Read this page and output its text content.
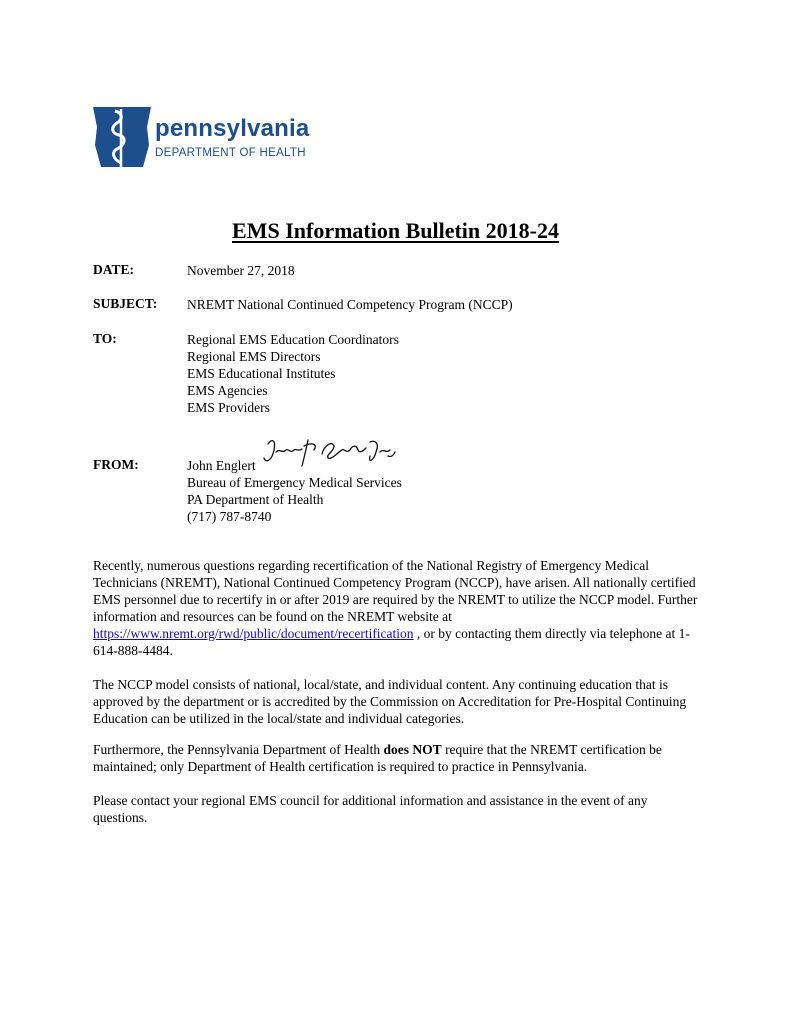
pennsylvania
DEPARTMENT OF HEALTH
EMS Information Bulletin 2018-24
DATE:	November 27, 2018
SUBJECT: NREMT National Continued Competency Program (NCCP)
TO:	Regional EMS Education Coordinators
Regional EMS Directors
EMS Educational Institutes
EMS Agencies
EMS Providers
FROM:	John Englert
Bureau of Emergency Medical Services
PA Department of Health
(717) 787-8740
Recently, numerous questions regarding recertification of the National Registry of Emergency Medical Technicians (NREMT), National Continued Competency Program (NCCP), have arisen. All nationally certified EMS personnel due to recertify in or after 2019 are required by the NREMT to utilize the NCCP model. Further information and resources can be found on the NREMT website at https://www.nremt.org/rwd/public/document/recertification , or by contacting them directly via telephone at 1-614-888-4484.
The NCCP model consists of national, local/state, and individual content. Any continuing education that is approved by the department or is accredited by the Commission on Accreditation for Pre-Hospital Continuing Education can be utilized in the local/state and individual categories.
Furthermore, the Pennsylvania Department of Health does NOT require that the NREMT certification be maintained; only Department of Health certification is required to practice in Pennsylvania.
Please contact your regional EMS council for additional information and assistance in the event of any questions.
